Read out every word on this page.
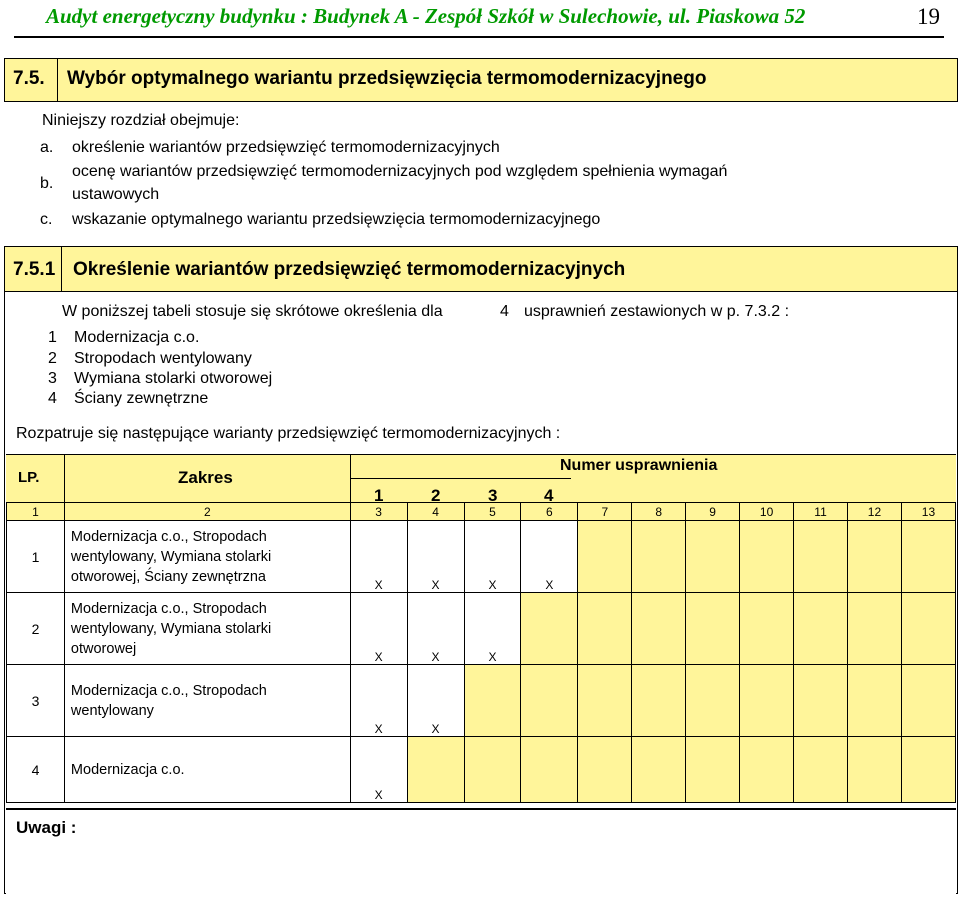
Audyt energetyczny budynku : Budynek A - Zespół Szkół w Sulechowie, ul. Piaskowa 52	19
7.5. Wybór optymalnego wariantu przedsięwzięcia termomodernizacyjnego
Niniejszy rozdział obejmuje:
a. określenie wariantów przedsięwzięć termomodernizacyjnych
b.
ocenę wariantów przedsięwzięć termomodernizacyjnych pod względem spełnienia wymagań
ustawowych
c. wskazanie optymalnego wariantu przedsięwzięcia termomodernizacyjnego
7.5.1 Określenie wariantów przedsięwzięć termomodernizacyjnych
W poniższej tabeli stosuje się skrótowe określenia dla	4 usprawnień zestawionych w p. 7.3.2 :
1 Modernizacja c.o.
2 Stropodach wentylowany
3 Wymiana stolarki otworowej
4 Ściany zewnętrzne
Rozpatruje się następujące warianty przedsięwzięć termomodernizacyjnych :
LP.	Zakres
Numer usprawnienia
1	2	3	4
1	2	3	4	5	6	7	8	9	10	11	12	13
1	Modernizacja c.o., Stropodach
wentylowany, Wymiana stolarki
otworowej, Ściany zewnętrzna	X	X	X	X							
2	Modernizacja c.o., Stropodach
wentylowany, Wymiana stolarki
otworowej	X	X	X								
3	Modernizacja c.o., Stropodach
wentylowany	X	X									
4	Modernizacja c.o.	X										
Uwagi :
